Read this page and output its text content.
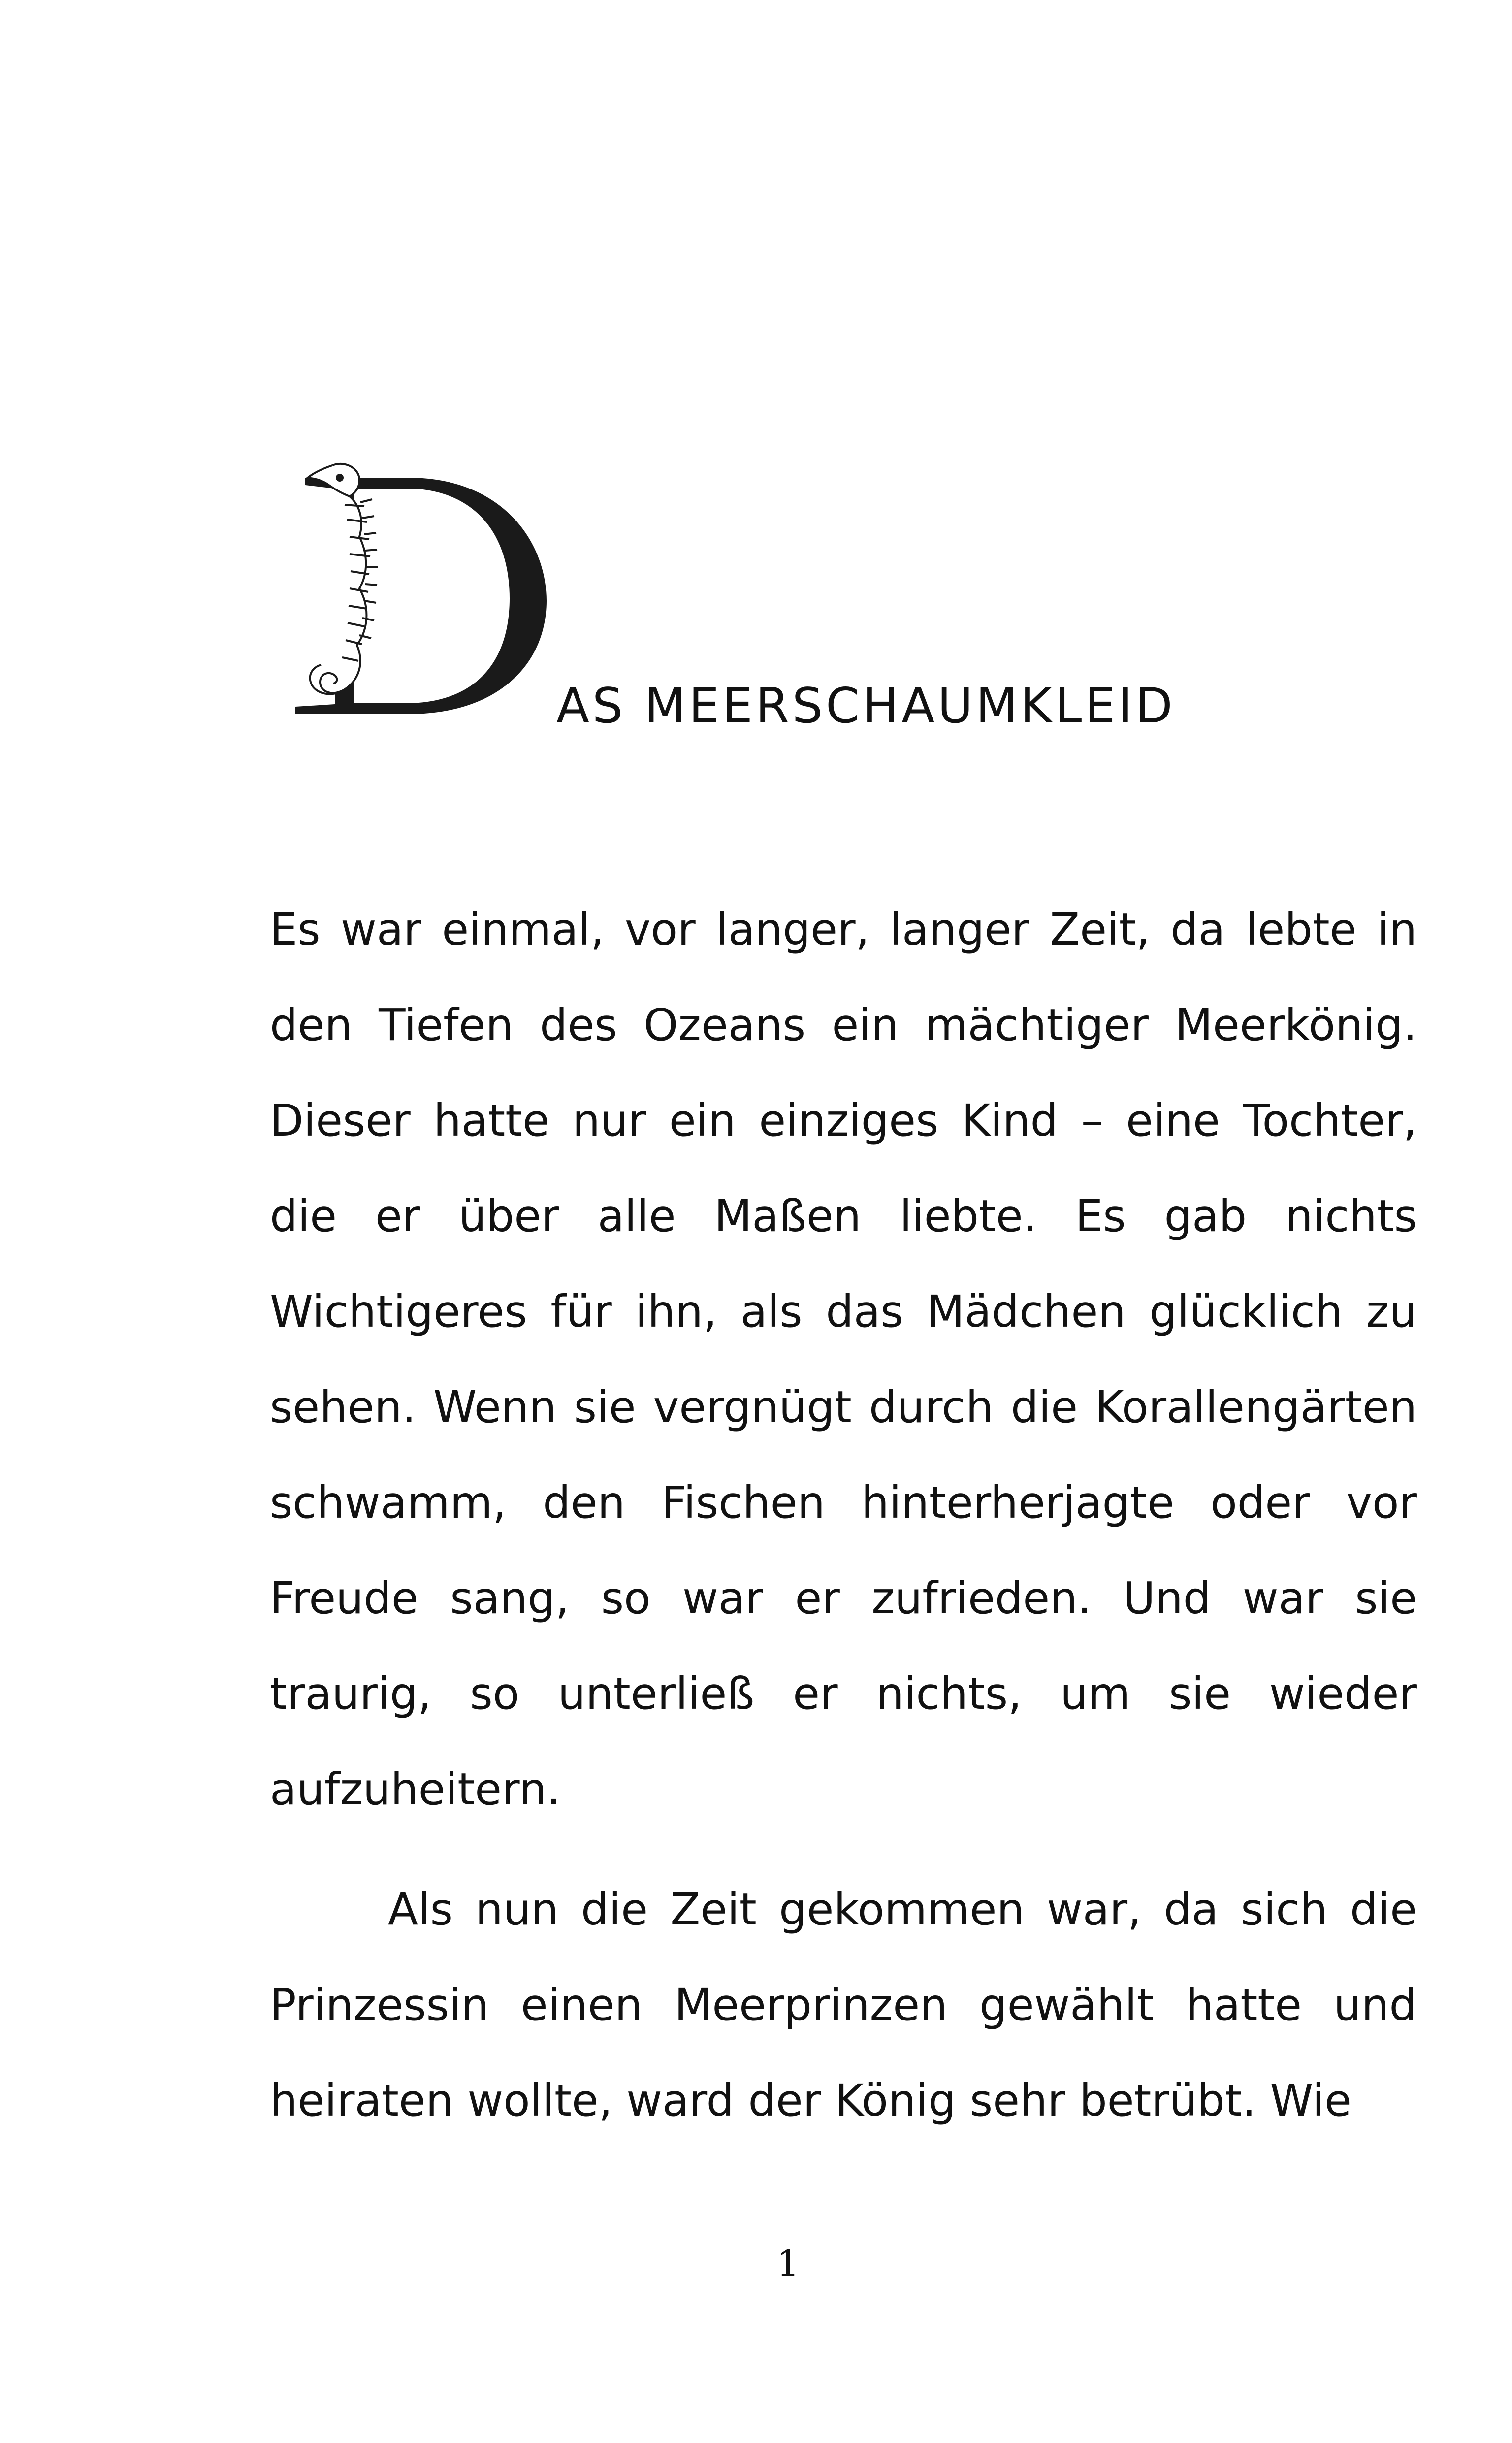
AS MEERSCHAUMKLEID

Es war einmal, vor langer, langer Zeit, da lebte in den Tiefen des Ozeans ein mächtiger Meerkönig. Dieser hatte nur ein einziges Kind – eine Tochter, die er über alle Maßen liebte. Es gab nichts Wichtigeres für ihn, als das Mädchen glücklich zu sehen. Wenn sie vergnügt durch die Korallengärten schwamm, den Fischen hinterherjagte oder vor Freude sang, so war er zufrieden. Und war sie traurig, so unterließ er nichts, um sie wieder aufzuheitern.

Als nun die Zeit gekommen war, da sich die Prinzessin einen Meerprinzen gewählt hatte und heiraten wollte, ward der König sehr betrübt. Wie

1
